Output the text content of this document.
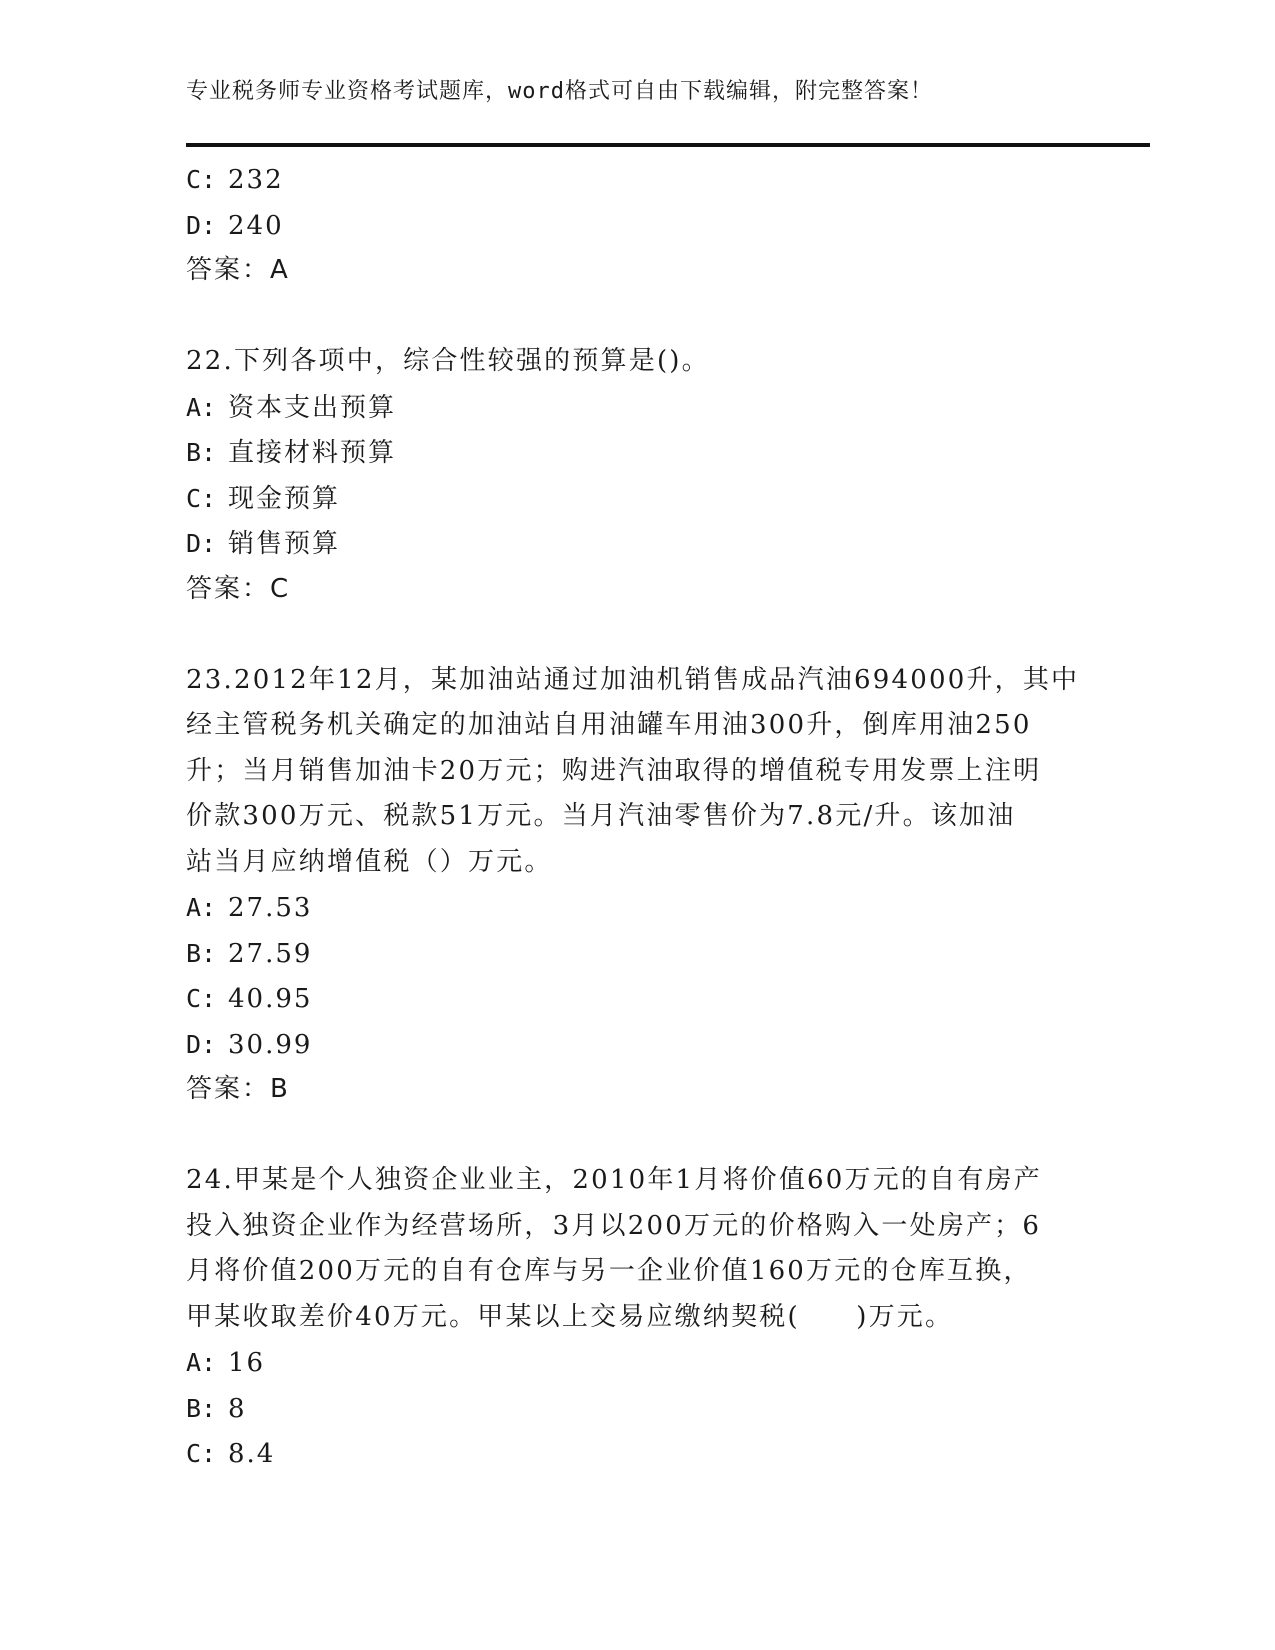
专业税务师专业资格考试题库，word格式可自由下载编辑，附完整答案！
C: 232
D: 240
答案：A
22.下列各项中，综合性较强的预算是()。
A: 资本支出预算
B: 直接材料预算
C: 现金预算
D: 销售预算
答案：C
23.2012年12月，某加油站通过加油机销售成品汽油694000升，其中
经主管税务机关确定的加油站自用油罐车用油300升，倒库用油250
升；当月销售加油卡20万元；购进汽油取得的增值税专用发票上注明
价款300万元、税款51万元。当月汽油零售价为7.8元/升。该加油
站当月应纳增值税（）万元。
A: 27.53
B: 27.59
C: 40.95
D: 30.99
答案：B
24.甲某是个人独资企业业主，2010年1月将价值60万元的自有房产
投入独资企业作为经营场所，3月以200万元的价格购入一处房产；6
月将价值200万元的自有仓库与另一企业价值160万元的仓库互换，
甲某收取差价40万元。甲某以上交易应缴纳契税(　　)万元。
A: 16
B: 8
C: 8.4
